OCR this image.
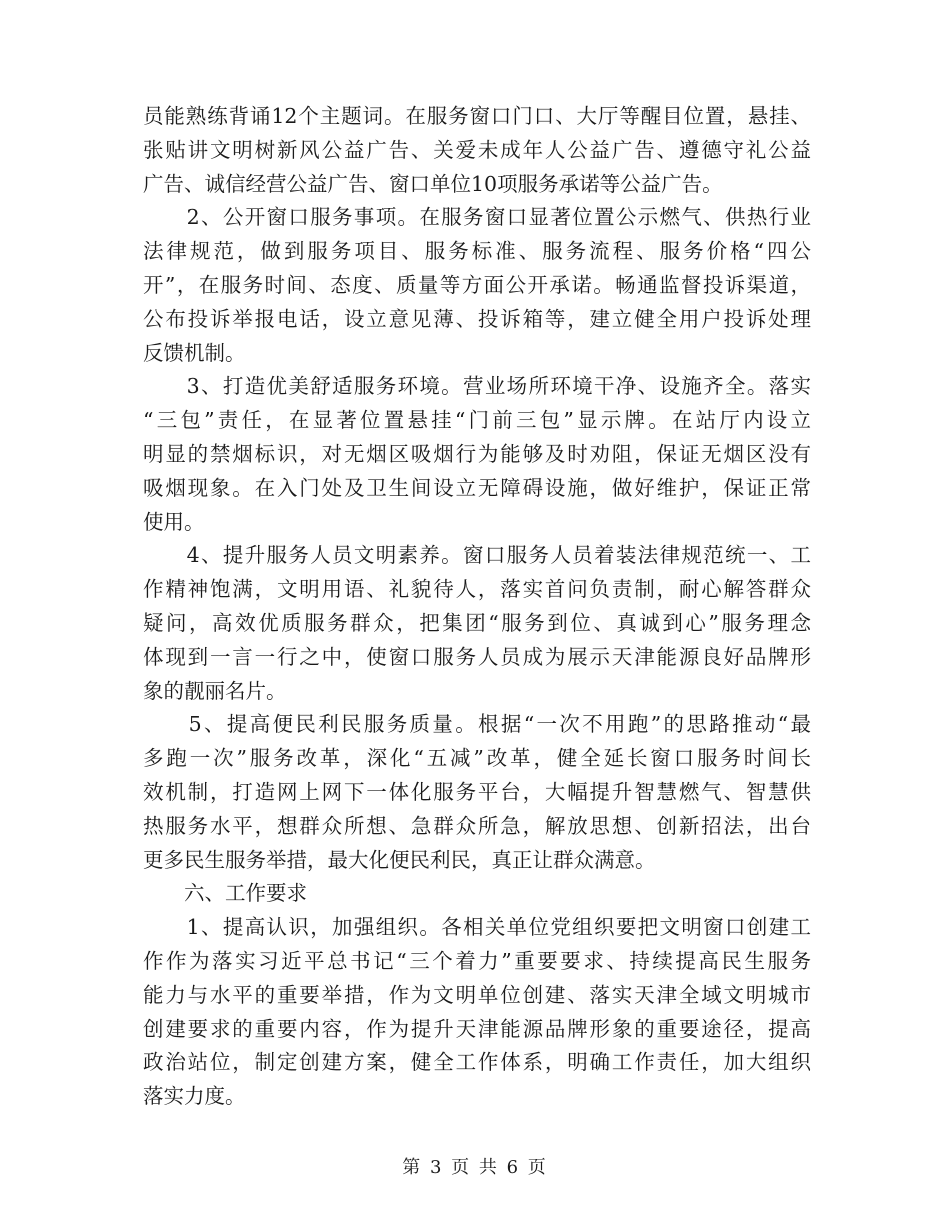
员能熟练背诵12个主题词。在服务窗口门口、大厅等醒目位置，悬挂、
张贴讲文明树新风公益广告、关爱未成年人公益广告、遵德守礼公益
广告、诚信经营公益广告、窗口单位10项服务承诺等公益广告。

　　2、公开窗口服务事项。在服务窗口显著位置公示燃气、供热行业
法律规范，做到服务项目、服务标准、服务流程、服务价格“四公
开”，在服务时间、态度、质量等方面公开承诺。畅通监督投诉渠道，
公布投诉举报电话，设立意见薄、投诉箱等，建立健全用户投诉处理
反馈机制。

　　3、打造优美舒适服务环境。营业场所环境干净、设施齐全。落实
“三包”责任，在显著位置悬挂“门前三包”显示牌。在站厅内设立
明显的禁烟标识，对无烟区吸烟行为能够及时劝阻，保证无烟区没有
吸烟现象。在入门处及卫生间设立无障碍设施，做好维护，保证正常
使用。

　　4、提升服务人员文明素养。窗口服务人员着装法律规范统一、工
作精神饱满，文明用语、礼貌待人，落实首问负责制，耐心解答群众
疑问，高效优质服务群众，把集团“服务到位、真诚到心”服务理念
体现到一言一行之中，使窗口服务人员成为展示天津能源良好品牌形
象的靓丽名片。

　　5、提高便民利民服务质量。根据“一次不用跑”的思路推动“最
多跑一次”服务改革，深化“五减”改革，健全延长窗口服务时间长
效机制，打造网上网下一体化服务平台，大幅提升智慧燃气、智慧供
热服务水平，想群众所想、急群众所急，解放思想、创新招法，出台
更多民生服务举措，最大化便民利民，真正让群众满意。

　　六、工作要求

　　1、提高认识，加强组织。各相关单位党组织要把文明窗口创建工
作作为落实习近平总书记“三个着力”重要要求、持续提高民生服务
能力与水平的重要举措，作为文明单位创建、落实天津全域文明城市
创建要求的重要内容，作为提升天津能源品牌形象的重要途径，提高
政治站位，制定创建方案，健全工作体系，明确工作责任，加大组织
落实力度。

第 3 页 共 6 页
